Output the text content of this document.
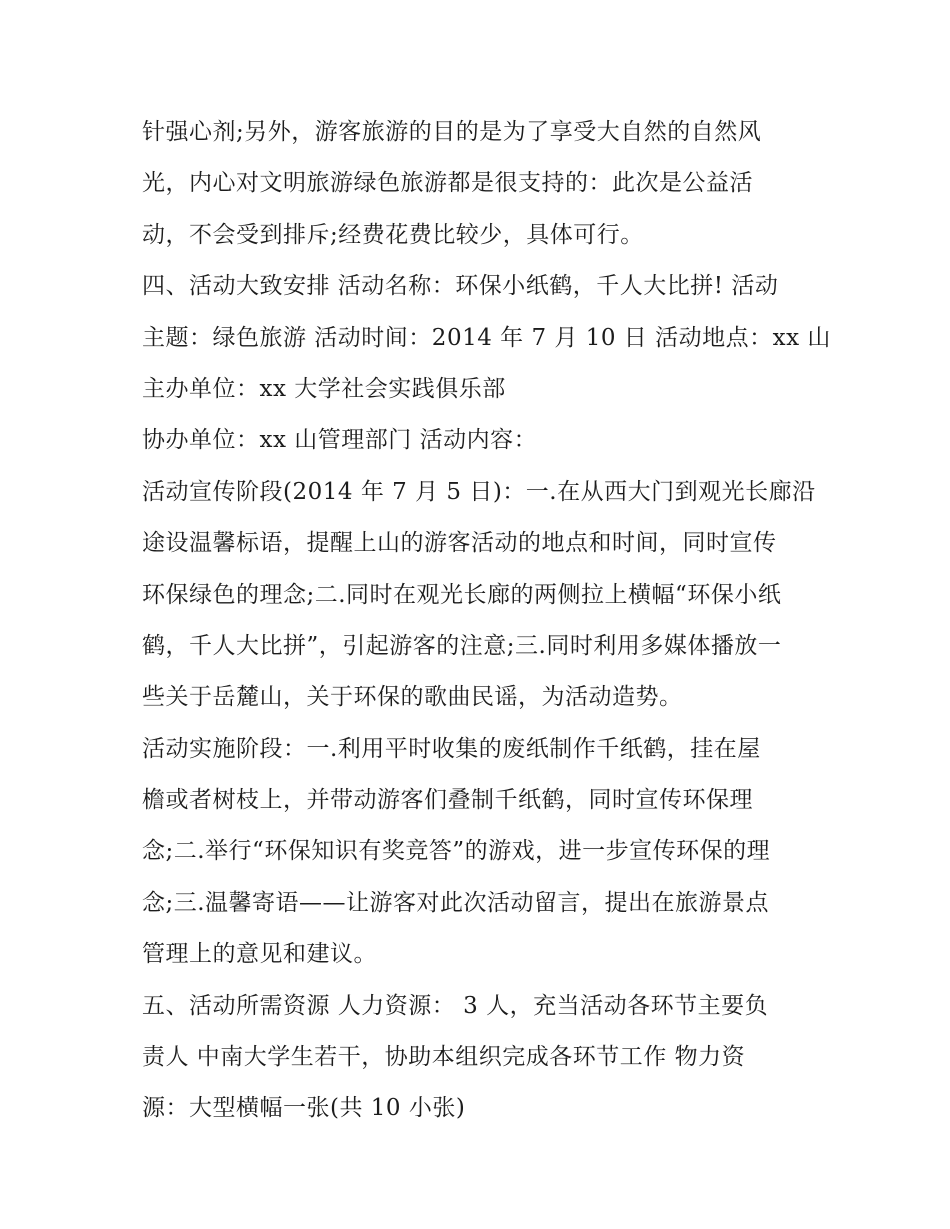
针强心剂;另外，游客旅游的目的是为了享受大自然的自然风
光，内心对文明旅游绿色旅游都是很支持的：此次是公益活
动，不会受到排斥;经费花费比较少，具体可行。
四、活动大致安排 活动名称：环保小纸鹤，千人大比拼! 活动
主题：绿色旅游 活动时间：2014 年 7 月 10 日 活动地点：xx 山
主办单位：xx 大学社会实践俱乐部
协办单位：xx 山管理部门 活动内容：
活动宣传阶段(2014 年 7 月 5 日)：一.在从西大门到观光长廊沿
途设温馨标语，提醒上山的游客活动的地点和时间，同时宣传
环保绿色的理念;二.同时在观光长廊的两侧拉上横幅“环保小纸
鹤，千人大比拼”，引起游客的注意;三.同时利用多媒体播放一
些关于岳麓山，关于环保的歌曲民谣，为活动造势。
活动实施阶段：一.利用平时收集的废纸制作千纸鹤，挂在屋
檐或者树枝上，并带动游客们叠制千纸鹤，同时宣传环保理
念;二.举行“环保知识有奖竞答”的游戏，进一步宣传环保的理
念;三.温馨寄语——让游客对此次活动留言，提出在旅游景点
管理上的意见和建议。
五、活动所需资源 人力资源： 3 人，充当活动各环节主要负
责人 中南大学生若干，协助本组织完成各环节工作 物力资
源：大型横幅一张(共 10 小张)
